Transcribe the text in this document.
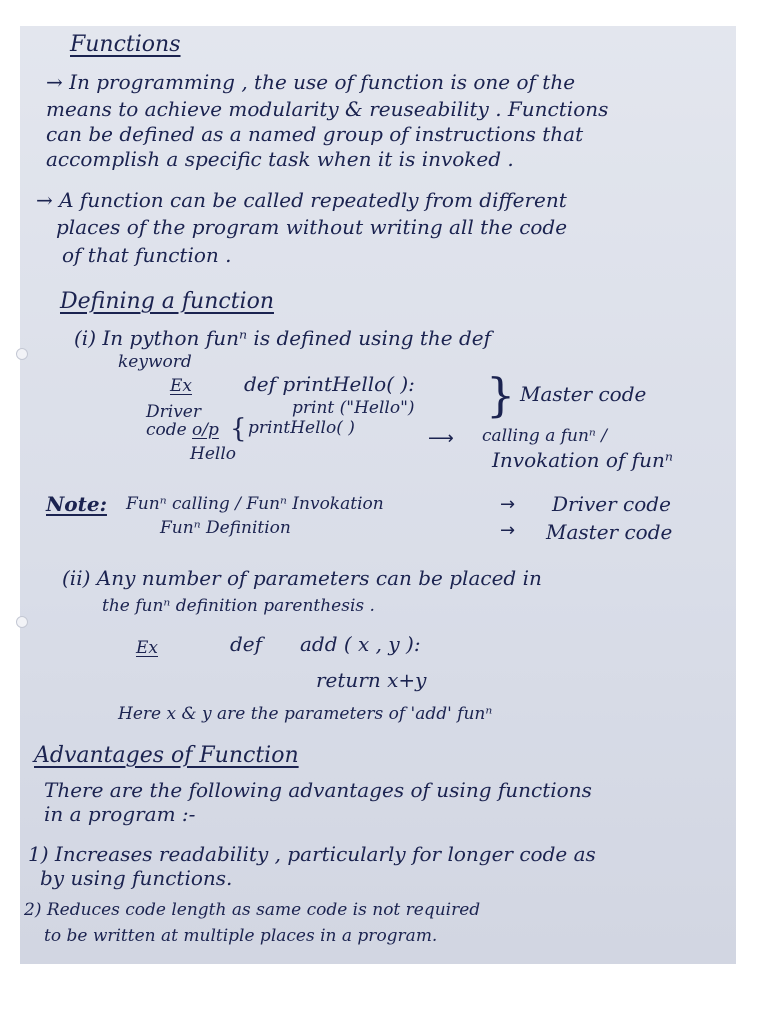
Functions

→ In programming , the use of function is one of the

means to achieve modularity & reuseability . Functions

can be defined as a named group of instructions that

accomplish a specific task when it is invoked .

→ A function can be called repeatedly from different

places of the program without writing all the code

of that function .

Defining a function

(i) In python funⁿ is defined using the def

keyword

Ex	def printHello( ):

print ("Hello") } Master code

Driver

code o/p { printHello( )

Hello

⟶ calling a funⁿ /

Invokation of funⁿ

Note: Funⁿ calling / Funⁿ Invokation	→ Driver code

Funⁿ Definition	→ Master code

(ii) Any number of parameters can be placed in

the funⁿ definition parenthesis .

Ex	def add ( x , y ):

return x+y

Here x & y are the parameters of 'add' funⁿ

Advantages of Function

There are the following advantages of using functions

in a program :-

1) Increases readability , particularly for longer code as

by using functions.

2) Reduces code length as same code is not required

to be written at multiple places in a program.
